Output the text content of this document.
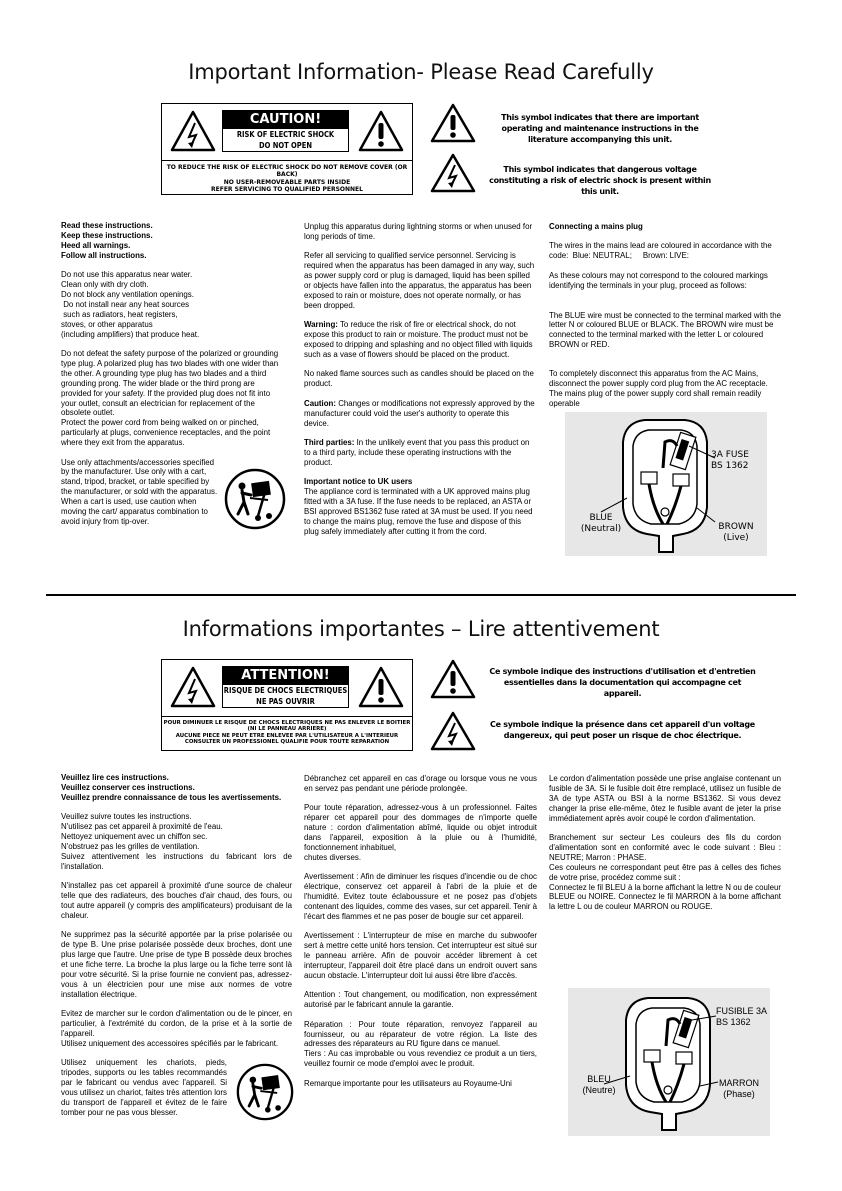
Important Information- Please Read Carefully
CAUTION!
RISK OF ELECTRIC SHOCK
DO NOT OPEN
TO REDUCE THE RISK OF ELECTRIC SHOCK DO NOT REMOVE COVER (OR BACK)
NO USER-REMOVEABLE PARTS INSIDE
REFER SERVICING TO QUALIFIED PERSONNEL
This symbol indicates that there are important operating and maintenance instructions in the literature accompanying this unit.
This symbol indicates that dangerous voltage constituting a risk of electric shock is present within this unit.

Read these instructions.
Keep these instructions.
Heed all warnings.
Follow all instructions.

Do not use this apparatus near water.
Clean only with dry cloth.
Do not block any ventilation openings.
Do not install near any heat sources
such as radiators, heat registers,
stoves, or other apparatus
(including amplifiers) that produce heat.

Do not defeat the safety purpose of the polarized or grounding type plug. A polarized plug has two blades with one wider than the other. A grounding type plug has two blades and a third grounding prong. The wider blade or the third prong are provided for your safety. If the provided plug does not fit into your outlet, consult an electrician for replacement of the obsolete outlet.

Protect the power cord from being walked on or pinched, particularly at plugs, convenience receptacles, and the point where they exit from the apparatus.

Use only attachments/accessories specified by the manufacturer. Use only with a cart, stand, tripod, bracket, or table specified by the manufacturer, or sold with the apparatus. When a cart is used, use caution when moving the cart/ apparatus combination to avoid injury from tip-over.

Unplug this apparatus during lightning storms or when unused for long periods of time.

Refer all servicing to qualified service personnel. Servicing is required when the apparatus has been damaged in any way, such as power supply cord or plug is damaged, liquid has been spilled or objects have fallen into the apparatus, the apparatus has been exposed to rain or moisture, does not operate normally, or has been dropped.

Warning: To reduce the risk of fire or electrical shock, do not expose this product to rain or moisture. The product must not be exposed to dripping and splashing and no object filled with liquids such as a vase of flowers should be placed on the product.

No naked flame sources such as candles should be placed on the product.

Caution: Changes or modifications not expressly approved by the manufacturer could void the user's authority to operate this device.

Third parties: In the unlikely event that you pass this product on to a third party, include these operating instructions with the product.

Important notice to UK users
The appliance cord is terminated with a UK approved mains plug fitted with a 3A fuse. If the fuse needs to be replaced, an ASTA or BSI approved BS1362 fuse rated at 3A must be used. If you need to change the mains plug, remove the fuse and dispose of this plug safely immediately after cutting it from the cord.

Connecting a mains plug

The wires in the mains lead are coloured in accordance with the code:  Blue: NEUTRAL;     Brown: LIVE:

As these colours may not correspond to the coloured markings identifying the terminals in your plug, proceed as follows:

The BLUE wire must be connected to the terminal marked with the letter N or coloured BLUE or BLACK. The BROWN wire must be connected to the terminal marked with the letter L or coloured BROWN or RED.

To completely disconnect this apparatus from the AC Mains, disconnect the power supply cord plug from the AC receptacle. The mains plug of the power supply cord shall remain readily operable

3A FUSE
BS 1362
BLUE
(Neutral)	BROWN
(Live)
Informations importantes – Lire attentivement
ATTENTION!
RISQUE DE CHOCS ELECTRIQUES
NE PAS OUVRIR
POUR DIMINUER LE RISQUE DE CHOCS ELECTRIQUES NE PAS ENLEVER LE BOITIER
(NI LE PANNEAU ARRIERE)
AUCUNE PIECE NE PEUT ETRE ENLEVEE PAR L'UTILISATEUR A L'INTERIEUR
CONSULTER UN PROFESSIONEL QUALIFIE POUR TOUTE REPARATION
Ce symbole indique des instructions d'utilisation et d'entretien essentielles dans la documentation qui accompagne cet appareil.
Ce symbole indique la présence dans cet appareil d'un voltage dangereux, qui peut poser un risque de choc électrique.

Veuillez lire ces instructions.
Veuillez conserver ces instructions.
Veuillez prendre connaissance de tous les avertissements.

Veuillez suivre toutes les instructions.
N'utilisez pas cet appareil à proximité de l'eau.
Nettoyez uniquement avec un chiffon sec.
N'obstruez pas les grilles de ventilation.
Suivez attentivement les instructions du fabricant lors de l'installation.

N'installez pas cet appareil à proximité d'une source de chaleur telle que des radiateurs, des bouches d'air chaud, des fours, ou tout autre appareil (y compris des amplificateurs) produisant de la chaleur.

Ne supprimez pas la sécurité apportée par la prise polarisée ou de type B. Une prise polarisée possède deux broches, dont une plus large que l'autre. Une prise de type B possède deux broches et une fiche terre. La broche la plus large ou la fiche terre sont là pour votre sécurité. Si la prise fournie ne convient pas, adressez-vous à un électricien pour une mise aux normes de votre installation électrique.

Evitez de marcher sur le cordon d'alimentation ou de le pincer, en particulier, à l'extrémité du cordon, de la prise et à la sortie de l'appareil.
Utilisez uniquement des accessoires spécifiés par le fabricant.

Utilisez uniquement les chariots, pieds, tripodes, supports ou les tables recommandés par le fabricant ou vendus avec l'appareil. Si vous utilisez un chariot, faites très attention lors du transport de l'appareil et évitez de le faire tomber pour ne pas vous blesser.

Débranchez cet appareil en cas d'orage ou lorsque vous ne vous en servez pas pendant une période prolongée.

Pour toute réparation, adressez-vous à un professionnel. Faites réparer cet appareil pour des dommages de n'importe quelle nature : cordon d'alimentation abîmé, liquide ou objet introduit dans l'appareil, exposition à la pluie ou à l'humidité, fonctionnement inhabituel,
chutes diverses.

Avertissement : Afin de diminuer les risques d'incendie ou de choc électrique, conservez cet appareil à l'abri de la pluie et de l'humidité. Evitez toute éclaboussure et ne posez pas d'objets contenant des liquides, comme des vases, sur cet appareil. Tenir à l'écart des flammes et ne pas poser de bougie sur cet appareil.

Avertissement : L'interrupteur de mise en marche du subwoofer sert à mettre cette unité hors tension. Cet interrupteur est situé sur le panneau arrière. Afin de pouvoir accéder librement à cet interrupteur, l'appareil doit être placé dans un endroit ouvert sans aucun obstacle. L'interrupteur doit lui aussi être libre d'accès.

Attention : Tout changement, ou modification, non expressément autorisé par le fabricant annule la garantie.

Réparation : Pour toute réparation, renvoyez l'appareil au fournisseur, ou au réparateur de votre région. La liste des adresses des réparateurs au RU figure dans ce manuel.
Tiers : Au cas improbable ou vous revendiez ce produit a un tiers, veuillez fournir ce mode d'emploi avec le produit.

Remarque importante pour les utilisateurs au Royaume-Uni

Le cordon d'alimentation possède une prise anglaise contenant un fusible de 3A. Si le fusible doit être remplacé, utilisez un fusible de 3A de type ASTA ou BSI à la norme BS1362. Si vous devez changer la prise elle-même, ôtez le fusible avant de jeter la prise immédiatement après avoir coupé le cordon d'alimentation.

Branchement sur secteur Les couleurs des fils du cordon d'alimentation sont en conformité avec le code suivant : Bleu : NEUTRE; Marron : PHASE.

Ces couleurs ne correspondant peut être pas à celles des fiches de votre prise, procédez comme suit :

Connectez le fil BLEU à la borne affichant la lettre N ou de couleur BLEUE ou NOIRE. Connectez le fil MARRON à la borne affichant la lettre L ou de couleur MARRON ou ROUGE.

FUSIBLE 3A
BS 1362
BLEU
(Neutre)
MARRON
(Phase)
